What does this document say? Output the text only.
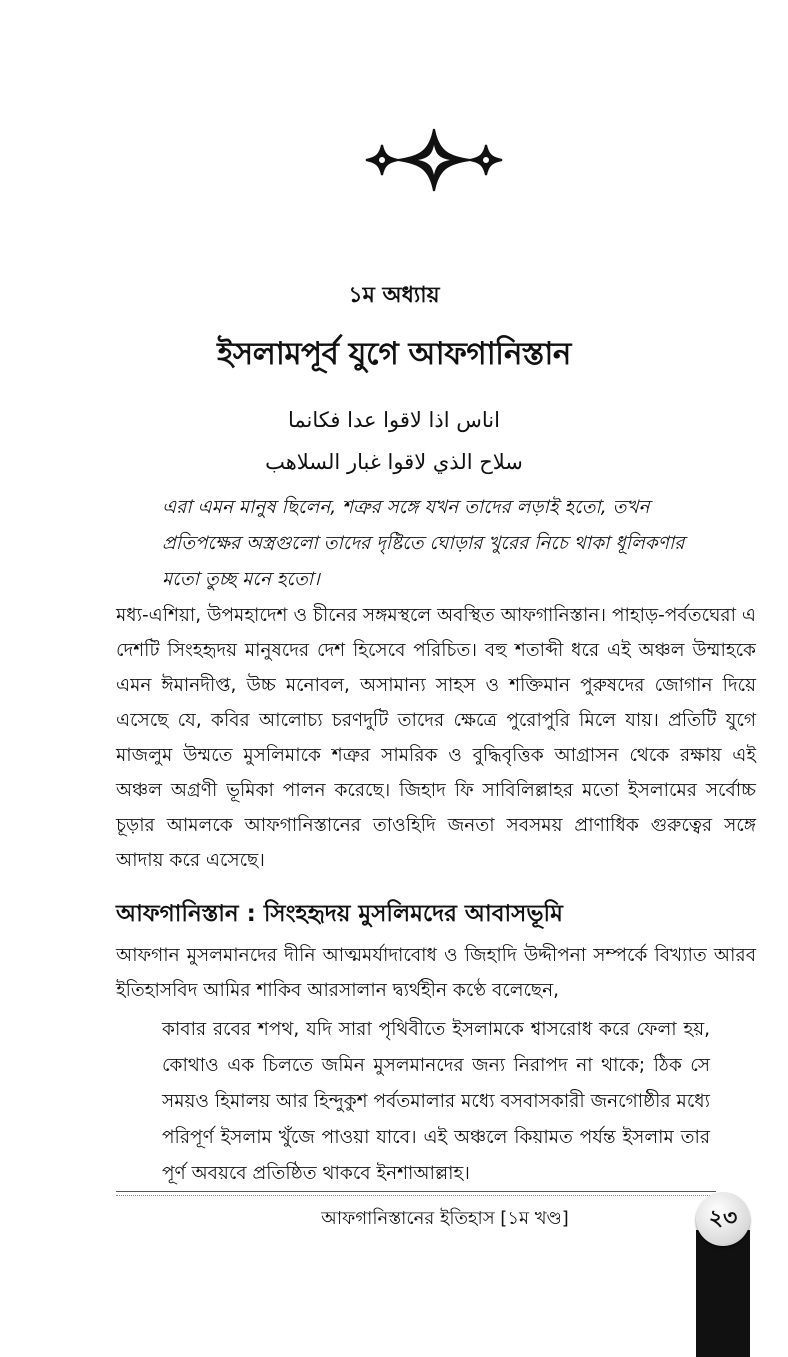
১ম অধ্যায়
ইসলামপূর্ব যুগে আফগানিস্তান
اناس اذا لاقوا عدا فكانما
سلاح الذي لاقوا غبار السلاهب
এরা এমন মানুষ ছিলেন, শত্রুর সঙ্গে যখন তাদের লড়াই হতো, তখন প্রতিপক্ষের অস্ত্রগুলো তাদের দৃষ্টিতে ঘোড়ার খুরের নিচে থাকা ধূলিকণার মতো তুচ্ছ মনে হতো।
মধ্য-এশিয়া, উপমহাদেশ ও চীনের সঙ্গমস্থলে অবস্থিত আফগানিস্তান। পাহাড়-পর্বতঘেরা এ দেশটি সিংহহৃদয় মানুষদের দেশ হিসেবে পরিচিত। বহু শতাব্দী ধরে এই অঞ্চল উম্মাহকে এমন ঈমানদীপ্ত, উচ্চ মনোবল, অসামান্য সাহস ও শক্তিমান পুরুষদের জোগান দিয়ে এসেছে যে, কবির আলোচ্য চরণদুটি তাদের ক্ষেত্রে পুরোপুরি মিলে যায়। প্রতিটি যুগে মাজলুম উম্মতে মুসলিমাকে শত্রুর সামরিক ও বুদ্ধিবৃত্তিক আগ্রাসন থেকে রক্ষায় এই অঞ্চল অগ্রণী ভূমিকা পালন করেছে। জিহাদ ফি সাবিলিল্লাহর মতো ইসলামের সর্বোচ্চ চূড়ার আমলকে আফগানিস্তানের তাওহিদি জনতা সবসময় প্রাণাধিক গুরুত্বের সঙ্গে আদায় করে এসেছে।
আফগানিস্তান : সিংহহৃদয় মুসলিমদের আবাসভূমি
আফগান মুসলমানদের দীনি আত্মমর্যাদাবোধ ও জিহাদি উদ্দীপনা সম্পর্কে বিখ্যাত আরব ইতিহাসবিদ আমির শাকিব আরসালান দ্ব্যর্থহীন কণ্ঠে বলেছেন,
কাবার রবের শপথ, যদি সারা পৃথিবীতে ইসলামকে শ্বাসরোধ করে ফেলা হয়, কোথাও এক চিলতে জমিন মুসলমানদের জন্য নিরাপদ না থাকে; ঠিক সে সময়ও হিমালয় আর হিন্দুকুশ পর্বতমালার মধ্যে বসবাসকারী জনগোষ্ঠীর মধ্যে পরিপূর্ণ ইসলাম খুঁজে পাওয়া যাবে। এই অঞ্চলে কিয়ামত পর্যন্ত ইসলাম তার পূর্ণ অবয়বে প্রতিষ্ঠিত থাকবে ইনশাআল্লাহ।
আফগানিস্তানের ইতিহাস [১ম খণ্ড]	২৩
